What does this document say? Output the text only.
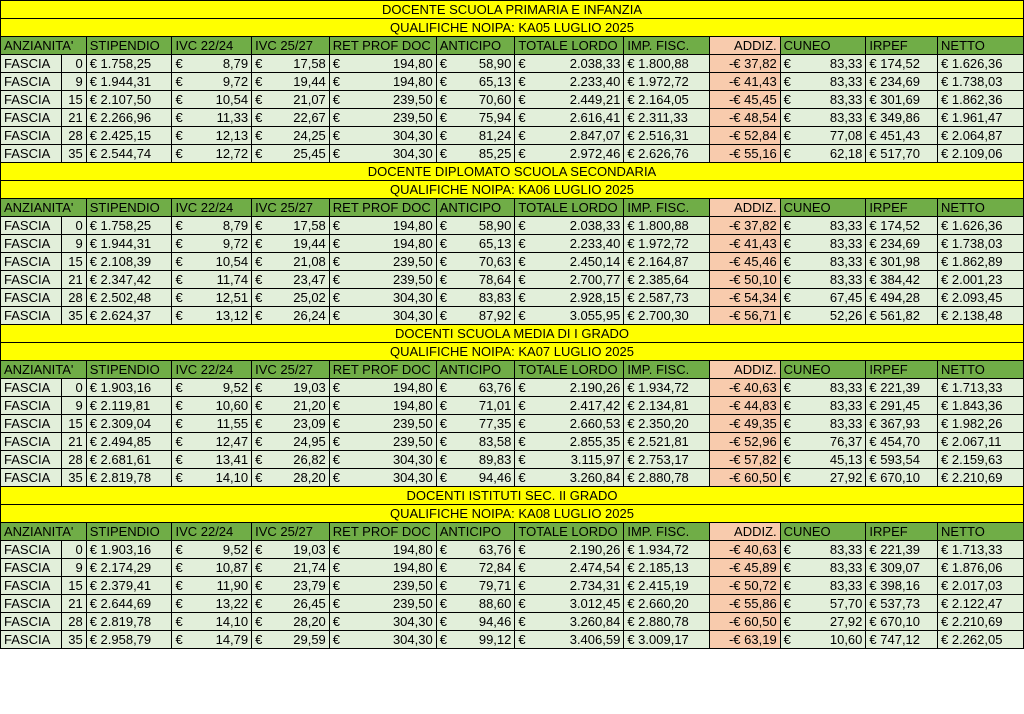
DOCENTE SCUOLA PRIMARIA E INFANZIA												
QUALIFICHE NOIPA: KA05 LUGLIO 2025												
ANZIANITA'		STIPENDIO	IVC 22/24	IVC 25/27	RET PROF DOC	ANTICIPO	TOTALE LORDO	IMP. FISC.	ADDIZ.	CUNEO	IRPEF	NETTO
FASCIA	0	€ 1.758,25	€ 8,79	€ 17,58	€ 194,80	€ 58,90	€ 2.038,33	€ 1.800,88	-€ 37,82	€ 83,33	€ 174,52	€ 1.626,36
FASCIA	9	€ 1.944,31	€ 9,72	€ 19,44	€ 194,80	€ 65,13	€ 2.233,40	€ 1.972,72	-€ 41,43	€ 83,33	€ 234,69	€ 1.738,03
FASCIA	15	€ 2.107,50	€ 10,54	€ 21,07	€ 239,50	€ 70,60	€ 2.449,21	€ 2.164,05	-€ 45,45	€ 83,33	€ 301,69	€ 1.862,36
FASCIA	21	€ 2.266,96	€ 11,33	€ 22,67	€ 239,50	€ 75,94	€ 2.616,41	€ 2.311,33	-€ 48,54	€ 83,33	€ 349,86	€ 1.961,47
FASCIA	28	€ 2.425,15	€ 12,13	€ 24,25	€ 304,30	€ 81,24	€ 2.847,07	€ 2.516,31	-€ 52,84	€ 77,08	€ 451,43	€ 2.064,87
FASCIA	35	€ 2.544,74	€ 12,72	€ 25,45	€ 304,30	€ 85,25	€ 2.972,46	€ 2.626,76	-€ 55,16	€ 62,18	€ 517,70	€ 2.109,06
DOCENTE DIPLOMATO SCUOLA SECONDARIA												
QUALIFICHE NOIPA: KA06 LUGLIO 2025												
ANZIANITA'		STIPENDIO	IVC 22/24	IVC 25/27	RET PROF DOC	ANTICIPO	TOTALE LORDO	IMP. FISC.	ADDIZ.	CUNEO	IRPEF	NETTO
FASCIA	0	€ 1.758,25	€ 8,79	€ 17,58	€ 194,80	€ 58,90	€ 2.038,33	€ 1.800,88	-€ 37,82	€ 83,33	€ 174,52	€ 1.626,36
FASCIA	9	€ 1.944,31	€ 9,72	€ 19,44	€ 194,80	€ 65,13	€ 2.233,40	€ 1.972,72	-€ 41,43	€ 83,33	€ 234,69	€ 1.738,03
FASCIA	15	€ 2.108,39	€ 10,54	€ 21,08	€ 239,50	€ 70,63	€ 2.450,14	€ 2.164,87	-€ 45,46	€ 83,33	€ 301,98	€ 1.862,89
FASCIA	21	€ 2.347,42	€ 11,74	€ 23,47	€ 239,50	€ 78,64	€ 2.700,77	€ 2.385,64	-€ 50,10	€ 83,33	€ 384,42	€ 2.001,23
FASCIA	28	€ 2.502,48	€ 12,51	€ 25,02	€ 304,30	€ 83,83	€ 2.928,15	€ 2.587,73	-€ 54,34	€ 67,45	€ 494,28	€ 2.093,45
FASCIA	35	€ 2.624,37	€ 13,12	€ 26,24	€ 304,30	€ 87,92	€ 3.055,95	€ 2.700,30	-€ 56,71	€ 52,26	€ 561,82	€ 2.138,48
DOCENTI SCUOLA MEDIA DI I GRADO												
QUALIFICHE NOIPA: KA07 LUGLIO 2025												
ANZIANITA'		STIPENDIO	IVC 22/24	IVC 25/27	RET PROF DOC	ANTICIPO	TOTALE LORDO	IMP. FISC.	ADDIZ.	CUNEO	IRPEF	NETTO
FASCIA	0	€ 1.903,16	€ 9,52	€ 19,03	€ 194,80	€ 63,76	€ 2.190,26	€ 1.934,72	-€ 40,63	€ 83,33	€ 221,39	€ 1.713,33
FASCIA	9	€ 2.119,81	€ 10,60	€ 21,20	€ 194,80	€ 71,01	€ 2.417,42	€ 2.134,81	-€ 44,83	€ 83,33	€ 291,45	€ 1.843,36
FASCIA	15	€ 2.309,04	€ 11,55	€ 23,09	€ 239,50	€ 77,35	€ 2.660,53	€ 2.350,20	-€ 49,35	€ 83,33	€ 367,93	€ 1.982,26
FASCIA	21	€ 2.494,85	€ 12,47	€ 24,95	€ 239,50	€ 83,58	€ 2.855,35	€ 2.521,81	-€ 52,96	€ 76,37	€ 454,70	€ 2.067,11
FASCIA	28	€ 2.681,61	€ 13,41	€ 26,82	€ 304,30	€ 89,83	€ 3.115,97	€ 2.753,17	-€ 57,82	€ 45,13	€ 593,54	€ 2.159,63
FASCIA	35	€ 2.819,78	€ 14,10	€ 28,20	€ 304,30	€ 94,46	€ 3.260,84	€ 2.880,78	-€ 60,50	€ 27,92	€ 670,10	€ 2.210,69
DOCENTI ISTITUTI SEC. II GRADO												
QUALIFICHE NOIPA: KA08 LUGLIO 2025												
ANZIANITA'		STIPENDIO	IVC 22/24	IVC 25/27	RET PROF DOC	ANTICIPO	TOTALE LORDO	IMP. FISC.	ADDIZ.	CUNEO	IRPEF	NETTO
FASCIA	0	€ 1.903,16	€ 9,52	€ 19,03	€ 194,80	€ 63,76	€ 2.190,26	€ 1.934,72	-€ 40,63	€ 83,33	€ 221,39	€ 1.713,33
FASCIA	9	€ 2.174,29	€ 10,87	€ 21,74	€ 194,80	€ 72,84	€ 2.474,54	€ 2.185,13	-€ 45,89	€ 83,33	€ 309,07	€ 1.876,06
FASCIA	15	€ 2.379,41	€ 11,90	€ 23,79	€ 239,50	€ 79,71	€ 2.734,31	€ 2.415,19	-€ 50,72	€ 83,33	€ 398,16	€ 2.017,03
FASCIA	21	€ 2.644,69	€ 13,22	€ 26,45	€ 239,50	€ 88,60	€ 3.012,45	€ 2.660,20	-€ 55,86	€ 57,70	€ 537,73	€ 2.122,47
FASCIA	28	€ 2.819,78	€ 14,10	€ 28,20	€ 304,30	€ 94,46	€ 3.260,84	€ 2.880,78	-€ 60,50	€ 27,92	€ 670,10	€ 2.210,69
FASCIA	35	€ 2.958,79	€ 14,79	€ 29,59	€ 304,30	€ 99,12	€ 3.406,59	€ 3.009,17	-€ 63,19	€ 10,60	€ 747,12	€ 2.262,05
